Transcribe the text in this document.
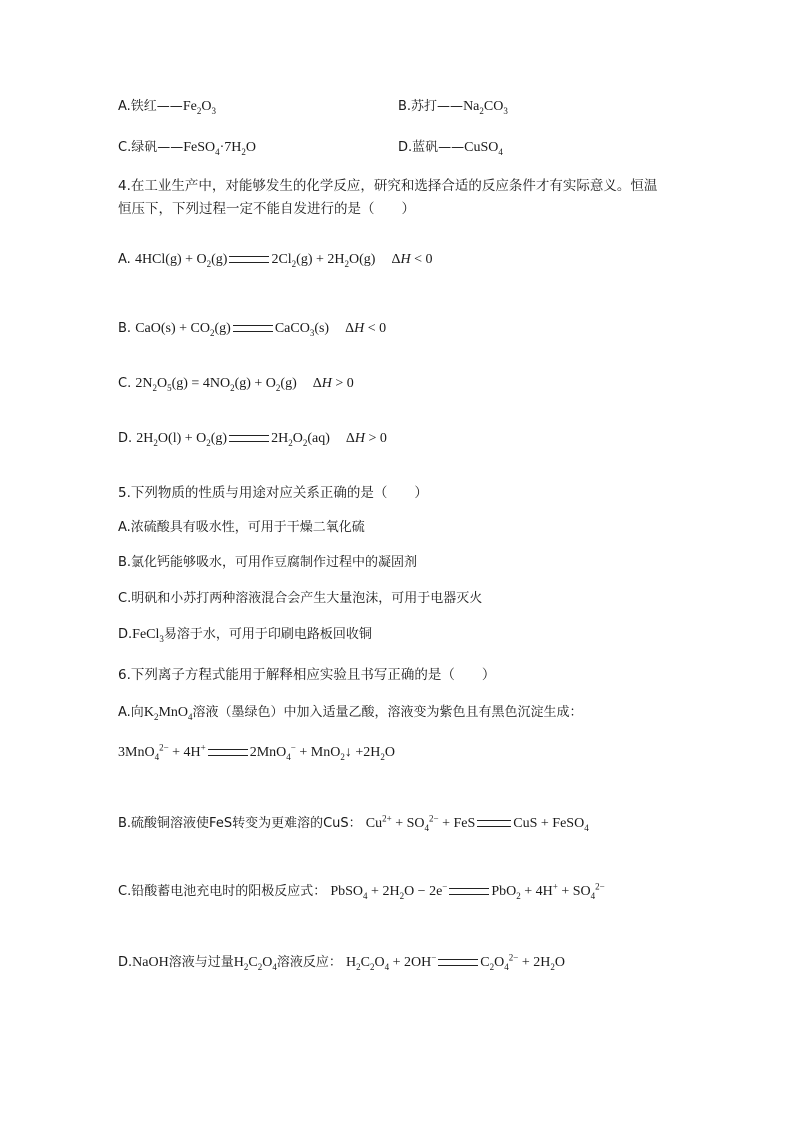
A.铁红$——Fe_2O_3$	B.苏打$——Na_2CO_3$
C.绿矾$——FeSO_4\cdot 7H_2O$	D.蓝矾——CuSO$_4$
4.在工业生产中，对能够发生的化学反应，研究和选择合适的反应条件才有实际意义。恒温
恒压下，下列过程一定不能自发进行的是（　　）
A. $4HCl(g) + O_2(g)$	$2Cl_2(g) + 2H_2O(g) \Delta H < 0$
B. $CaO(s) + CO_2(g)$	CaCO$_3$(s) ΔH < 0
C. $2N_2O_5(g) = 4NO_2(g) + O_2(g) \Delta H > 0$
D. $2H_2O(l) + O_2(g)$	$2H_2O_2(aq) \Delta H > 0$
5.下列物质的性质与用途对应关系正确的是（　　）
A.浓硫酸具有吸水性，可用于干燥二氧化硫
B.氯化钙能够吸水，可用作豆腐制作过程中的凝固剂
C.明矾和小苏打两种溶液混合会产生大量泡沫，可用于电器灭火
D.FeCl$_3$易溶于水，可用于印刷电路板回收铜
6.下列离子方程式能用于解释相应实验且书写正确的是（　　）
A.向$K_2MnO_4$溶液（墨绿色）中加入适量乙酸，溶液变为紫色且有黑色沉淀生成：
3MnO$_4^{2-}$ + 4H+	2MnO$_4$− + MnO$_2$↓ $+2H_2O$
B.硫酸铜溶液使FeS转变为更难溶的CuS： $Cu^{2+} + SO_4^{2-}$ + FeS	CuS + FeSO$_4$
C.铅酸蓄电池充电时的阳极反应式： PbSO$_4$ + $2H_2O - 2e^-$	$PbO_2 + 4H^+ + SO_4^{2-}$
D.NaOH溶液与过量$H_2C_2O_4$溶液反应： $H_2C_2O_4 + 2OH^-$	$C_2O_4^{2-} + 2H_2O$
